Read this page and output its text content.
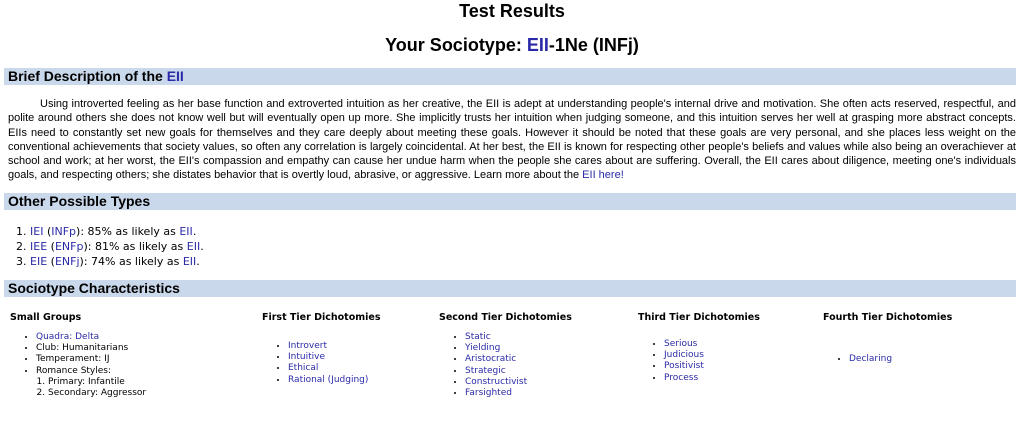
Test Results
Your Sociotype: EII-1Ne (INFj)
Brief Description of the EII

Using introverted feeling as her base function and extroverted intuition as her creative, the EII is adept at understanding people's internal drive and motivation. She often acts reserved, respectful, and polite around others she does not know well but will eventually open up more. She implicitly trusts her intuition when judging someone, and this intuition serves her well at grasping more abstract concepts. EIIs need to constantly set new goals for themselves and they care deeply about meeting these goals. However it should be noted that these goals are very personal, and she places less weight on the conventional achievements that society values, so often any correlation is largely coincidental. At her best, the EII is known for respecting other people's beliefs and values while also being an overachiever at school and work; at her worst, the EII's compassion and empathy can cause her undue harm when the people she cares about are suffering. Overall, the EII cares about diligence, meeting one's individuals goals, and respecting others; she distates behavior that is overtly loud, abrasive, or aggressive. Learn more about the EII here!

Other Possible Types
1. IEI (INFp): 85% as likely as EII.
2. IEE (ENFp): 81% as likely as EII.
3. EIE (ENFj): 74% as likely as EII.
Sociotype Characteristics
Small Groups
• Quadra: Delta
• Club: Humanitarians
• Temperament: IJ
• Romance Styles:
1. Primary: Infantile
2. Secondary: Aggressor
First Tier Dichotomies
• Introvert
• Intuitive
• Ethical
• Rational (Judging)
Second Tier Dichotomies
• Static
• Yielding
• Aristocratic
• Strategic
• Constructivist
• Farsighted
Third Tier Dichotomies
• Serious
• Judicious
• Positivist
• Process
Fourth Tier Dichotomies
• Declaring
